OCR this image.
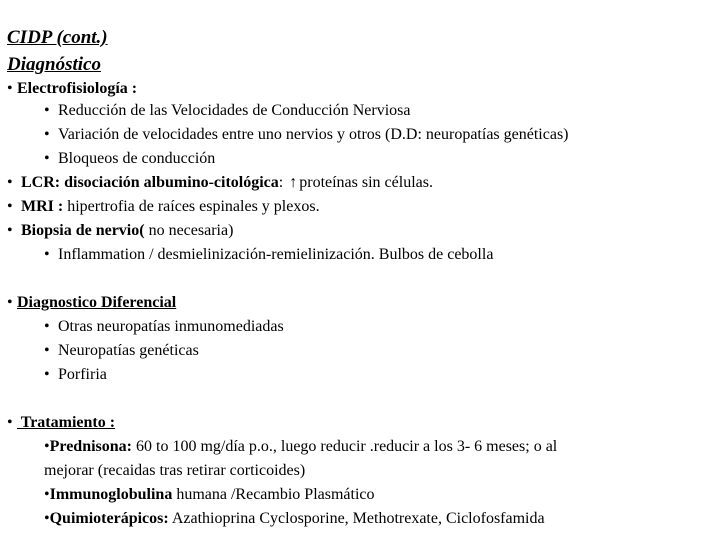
CIDP (cont.)
Diagnóstico
• Electrofisiología :
• Reducción de las Velocidades de Conducción Nerviosa
• Variación de velocidades entre uno nervios y otros (D.D: neuropatías genéticas)
• Bloqueos de conducción
• LCR: disociación albumino-citológica: ↑ proteínas sin células.
• MRI : hipertrofia de raíces espinales y plexos.
• Biopsia de nervio( no necesaria)
• Inflammation / desmielinización-remielinización. Bulbos de cebolla
• Diagnostico Diferencial
• Otras neuropatías inmunomediadas
• Neuropatías genéticas
• Porfiria
• Tratamiento :
•Prednisona: 60 to 100 mg/día p.o., luego reducir .reducir a los 3- 6 meses; o al
mejorar (recaidas tras retirar corticoides)
•Immunoglobulina humana /Recambio Plasmático
•Quimioterápicos: Azathioprina Cyclosporine, Methotrexate, Ciclofosfamida
